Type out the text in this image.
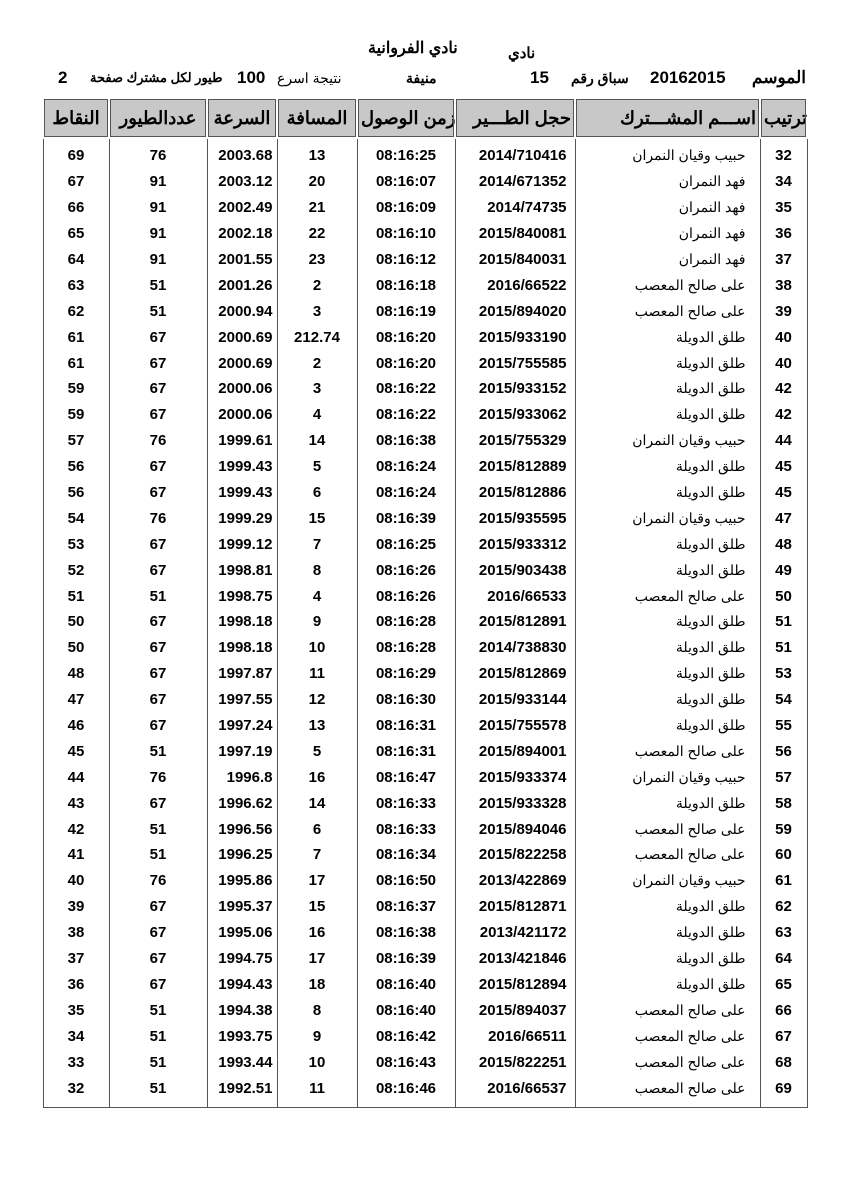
نادي الفروانية	نادي
الموسم
20162015
سباق رقم
15
منيفة
نتيجة اسرع
100
طيور لكل مشترك صفحة
2
النقاط	عددالطيور	السرعة	المسافة	زمن الوصول	حجل الطـــير	اســـم المشـــترك	ترتيب
69	76	2003.68	13	08:16:25	2014/710416	حبيب وقيان النمران	32
67	91	2003.12	20	08:16:07	2014/671352	فهد النمران	34
66	91	2002.49	21	08:16:09	2014/74735	فهد النمران	35
65	91	2002.18	22	08:16:10	2015/840081	فهد النمران	36
64	91	2001.55	23	08:16:12	2015/840031	فهد النمران	37
63	51	2001.26	2	08:16:18	2016/66522	على صالح المعصب	38
62	51	2000.94	3	08:16:19	2015/894020	على صالح المعصب	39
61	67	2000.69	212.74	08:16:20	2015/933190	طلق الدويلة	40
61	67	2000.69	2	08:16:20	2015/755585	طلق الدويلة	40
59	67	2000.06	3	08:16:22	2015/933152	طلق الدويلة	42
59	67	2000.06	4	08:16:22	2015/933062	طلق الدويلة	42
57	76	1999.61	14	08:16:38	2015/755329	حبيب وقيان النمران	44
56	67	1999.43	5	08:16:24	2015/812889	طلق الدويلة	45
56	67	1999.43	6	08:16:24	2015/812886	طلق الدويلة	45
54	76	1999.29	15	08:16:39	2015/935595	حبيب وقيان النمران	47
53	67	1999.12	7	08:16:25	2015/933312	طلق الدويلة	48
52	67	1998.81	8	08:16:26	2015/903438	طلق الدويلة	49
51	51	1998.75	4	08:16:26	2016/66533	على صالح المعصب	50
50	67	1998.18	9	08:16:28	2015/812891	طلق الدويلة	51
50	67	1998.18	10	08:16:28	2014/738830	طلق الدويلة	51
48	67	1997.87	11	08:16:29	2015/812869	طلق الدويلة	53
47	67	1997.55	12	08:16:30	2015/933144	طلق الدويلة	54
46	67	1997.24	13	08:16:31	2015/755578	طلق الدويلة	55
45	51	1997.19	5	08:16:31	2015/894001	على صالح المعصب	56
44	76	1996.8	16	08:16:47	2015/933374	حبيب وقيان النمران	57
43	67	1996.62	14	08:16:33	2015/933328	طلق الدويلة	58
42	51	1996.56	6	08:16:33	2015/894046	على صالح المعصب	59
41	51	1996.25	7	08:16:34	2015/822258	على صالح المعصب	60
40	76	1995.86	17	08:16:50	2013/422869	حبيب وقيان النمران	61
39	67	1995.37	15	08:16:37	2015/812871	طلق الدويلة	62
38	67	1995.06	16	08:16:38	2013/421172	طلق الدويلة	63
37	67	1994.75	17	08:16:39	2013/421846	طلق الدويلة	64
36	67	1994.43	18	08:16:40	2015/812894	طلق الدويلة	65
35	51	1994.38	8	08:16:40	2015/894037	على صالح المعصب	66
34	51	1993.75	9	08:16:42	2016/66511	على صالح المعصب	67
33	51	1993.44	10	08:16:43	2015/822251	على صالح المعصب	68
32	51	1992.51	11	08:16:46	2016/66537	على صالح المعصب	69
